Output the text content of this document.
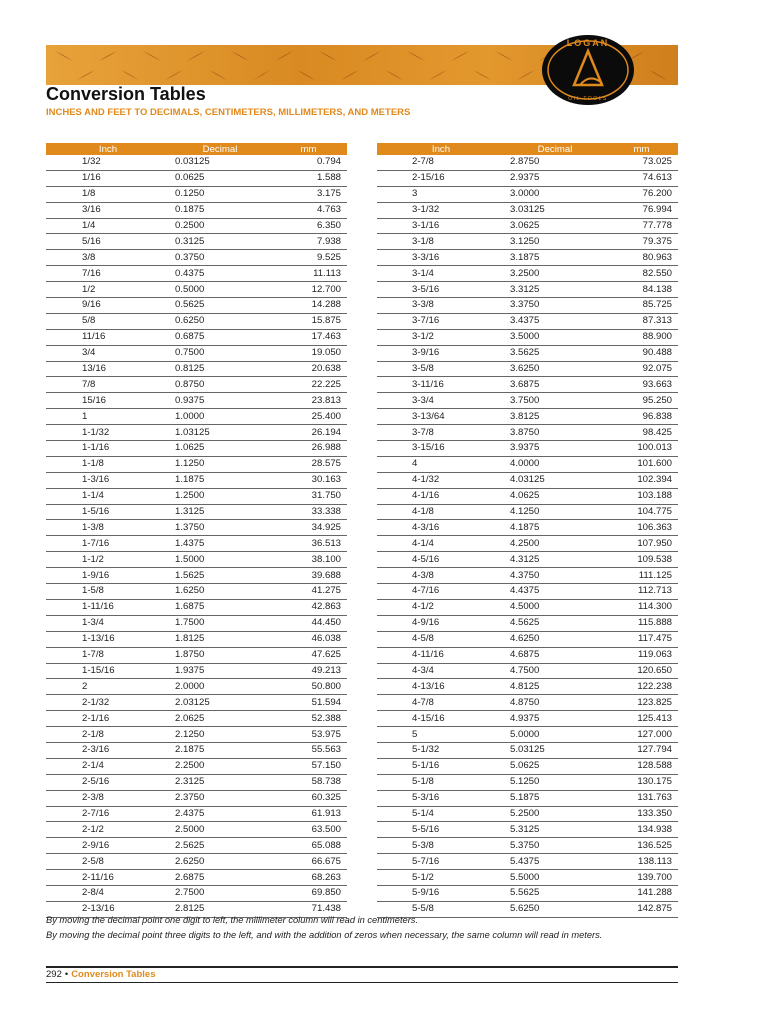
LOGAN
OIL TOOLS
Conversion Tables
INCHES AND FEET TO DECIMALS, CENTIMETERS, MILLIMETERS, AND METERS
Inch	Decimal	mm
1/32	0.03125	0.794
1/16	0.0625	1.588
1/8	0.1250	3.175
3/16	0.1875	4.763
1/4	0.2500	6.350
5/16	0.3125	7.938
3/8	0.3750	9.525
7/16	0.4375	11.113
1/2	0.5000	12.700
9/16	0.5625	14.288
5/8	0.6250	15.875
11/16	0.6875	17.463
3/4	0.7500	19.050
13/16	0.8125	20.638
7/8	0.8750	22.225
15/16	0.9375	23.813
1	1.0000	25.400
1-1/32	1.03125	26.194
1-1/16	1.0625	26.988
1-1/8	1.1250	28.575
1-3/16	1.1875	30.163
1-1/4	1.2500	31.750
1-5/16	1.3125	33.338
1-3/8	1.3750	34.925
1-7/16	1.4375	36.513
1-1/2	1.5000	38.100
1-9/16	1.5625	39.688
1-5/8	1.6250	41.275
1-11/16	1.6875	42.863
1-3/4	1.7500	44.450
1-13/16	1.8125	46.038
1-7/8	1.8750	47.625
1-15/16	1.9375	49.213
2	2.0000	50.800
2-1/32	2.03125	51.594
2-1/16	2.0625	52.388
2-1/8	2.1250	53.975
2-3/16	2.1875	55.563
2-1/4	2.2500	57.150
2-5/16	2.3125	58.738
2-3/8	2.3750	60.325
2-7/16	2.4375	61.913
2-1/2	2.5000	63.500
2-9/16	2.5625	65.088
2-5/8	2.6250	66.675
2-11/16	2.6875	68.263
2-8/4	2.7500	69.850
2-13/16	2.8125	71.438
Inch	Decimal	mm
2-7/8	2.8750	73.025
2-15/16	2.9375	74.613
3	3.0000	76.200
3-1/32	3.03125	76.994
3-1/16	3.0625	77.778
3-1/8	3.1250	79.375
3-3/16	3.1875	80.963
3-1/4	3.2500	82.550
3-5/16	3.3125	84.138
3-3/8	3.3750	85.725
3-7/16	3.4375	87.313
3-1/2	3.5000	88.900
3-9/16	3.5625	90.488
3-5/8	3.6250	92.075
3-11/16	3.6875	93.663
3-3/4	3.7500	95.250
3-13/64	3.8125	96.838
3-7/8	3.8750	98.425
3-15/16	3.9375	100.013
4	4.0000	101.600
4-1/32	4.03125	102.394
4-1/16	4.0625	103.188
4-1/8	4.1250	104.775
4-3/16	4.1875	106.363
4-1/4	4.2500	107.950
4-5/16	4.3125	109.538
4-3/8	4.3750	111.125
4-7/16	4.4375	112.713
4-1/2	4.5000	114.300
4-9/16	4.5625	115.888
4-5/8	4.6250	117.475
4-11/16	4.6875	119.063
4-3/4	4.7500	120.650
4-13/16	4.8125	122.238
4-7/8	4.8750	123.825
4-15/16	4.9375	125.413
5	5.0000	127.000
5-1/32	5.03125	127.794
5-1/16	5.0625	128.588
5-1/8	5.1250	130.175
5-3/16	5.1875	131.763
5-1/4	5.2500	133.350
5-5/16	5.3125	134.938
5-3/8	5.3750	136.525
5-7/16	5.4375	138.113
5-1/2	5.5000	139.700
5-9/16	5.5625	141.288
5-5/8	5.6250	142.875
By moving the decimal point one digit to left, the millimeter column will read in centimeters.
By moving the decimal point three digits to the left, and with the addition of zeros when necessary, the same column will read in meters.
292 • Conversion Tables
